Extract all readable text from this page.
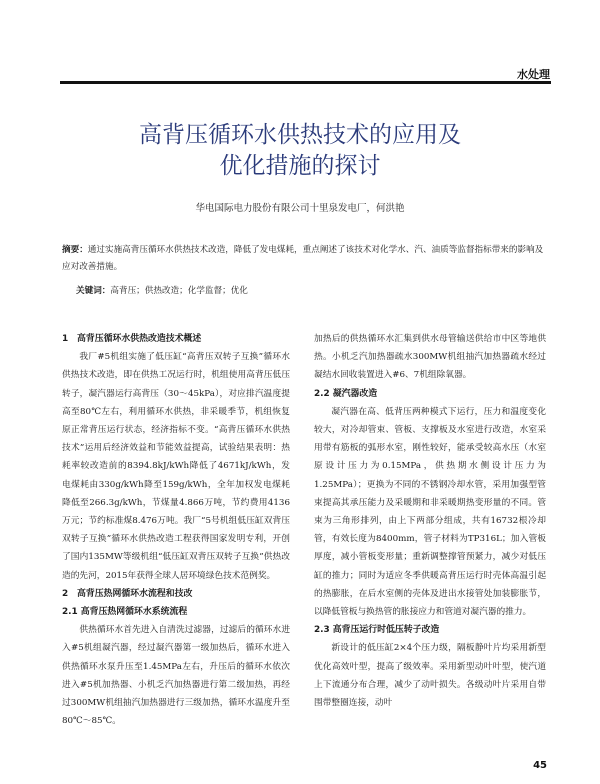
水处理
高背压循环水供热技术的应用及
优化措施的探讨
华电国际电力股份有限公司十里泉发电厂，何洪艳
摘要：通过实施高背压循环水供热技术改造，降低了发电煤耗，重点阐述了该技术对化学水、汽、油质等监督指标带来的影响及应对改善措施。
关键词：高背压；供热改造；化学监督；优化
1　高背压循环水供热改造技术概述

我厂#5机组实施了低压缸“高背压双转子互换”循环水供热技术改造，即在供热工况运行时，机组使用高背压低压转子，凝汽器运行高背压（30～45kPa），对应排汽温度提高至80℃左右，利用循环水供热，非采暖季节，机组恢复原正常背压运行状态，经济指标不变。“高背压循环水供热技术”运用后经济效益和节能效益提高，试验结果表明：热耗率较改造前的8394.8kJ/kWh降低了4671kJ/kWh，发电煤耗由330g/kWh降至159g/kWh，全年加权发电煤耗降低至266.3g/kWh，节煤量4.866万吨，节约费用4136万元；节约标准煤8.476万吨。我厂“5号机组低压缸双背压双转子互换”循环水供热改造工程获得国家发明专利，开创了国内135MW等级机组“低压缸双背压双转子互换”供热改造的先河，2015年获得全球人居环境绿色技术范例奖。

2　高背压热网循环水流程和技改
2.1 高背压热网循环水系统流程

供热循环水首先进入自清洗过滤器，过滤后的循环水进入#5机组凝汽器，经过凝汽器第一级加热后，循环水进入供热循环水泵升压至1.45MPa左右，升压后的循环水依次进入#5机加热器、小机乏汽加热器进行第二级加热，再经过300MW机组抽汽加热器进行三级加热，循环水温度升至80℃～85℃。

加热后的供热循环水汇集到供水母管输送供给市中区等地供热。小机乏汽加热器疏水300MW机组抽汽加热器疏水经过凝结水回收装置进入#6、7机组除氧器。

2.2 凝汽器改造

凝汽器在高、低背压两种模式下运行，压力和温度变化较大，对冷却管束、管板、支撑板及水室进行改造，水室采用带有筋板的弧形水室，刚性较好，能承受较高水压（水室原设计压力为0.15MPa，供热期水侧设计压力为1.25MPa）；更换为不同的不锈钢冷却水管，采用加强型管束提高其承压能力及采暖期和非采暖期热变形量的不同。管束为三角形排列，由上下两部分组成，共有16732根冷却管，有效长度为8400mm，管子材料为TP316L；加入管板厚度，减小管板变形量；重新调整撑管预紧力，减少对低压缸的推力；同时为适应冬季供暖高背压运行时壳体高温引起的热膨胀，在后水室侧的壳体及进出水接管处加装膨胀节，以降低管板与换热管的胀接应力和管道对凝汽器的推力。

2.3 高背压运行时低压转子改造

新设计的低压缸2×4个压力级，隔板静叶片均采用新型优化高效叶型，提高了级效率。采用新型动叶叶型，使汽道上下流通分布合理，减少了动叶损失。各级动叶片采用自带围带整圈连接，动叶

45
